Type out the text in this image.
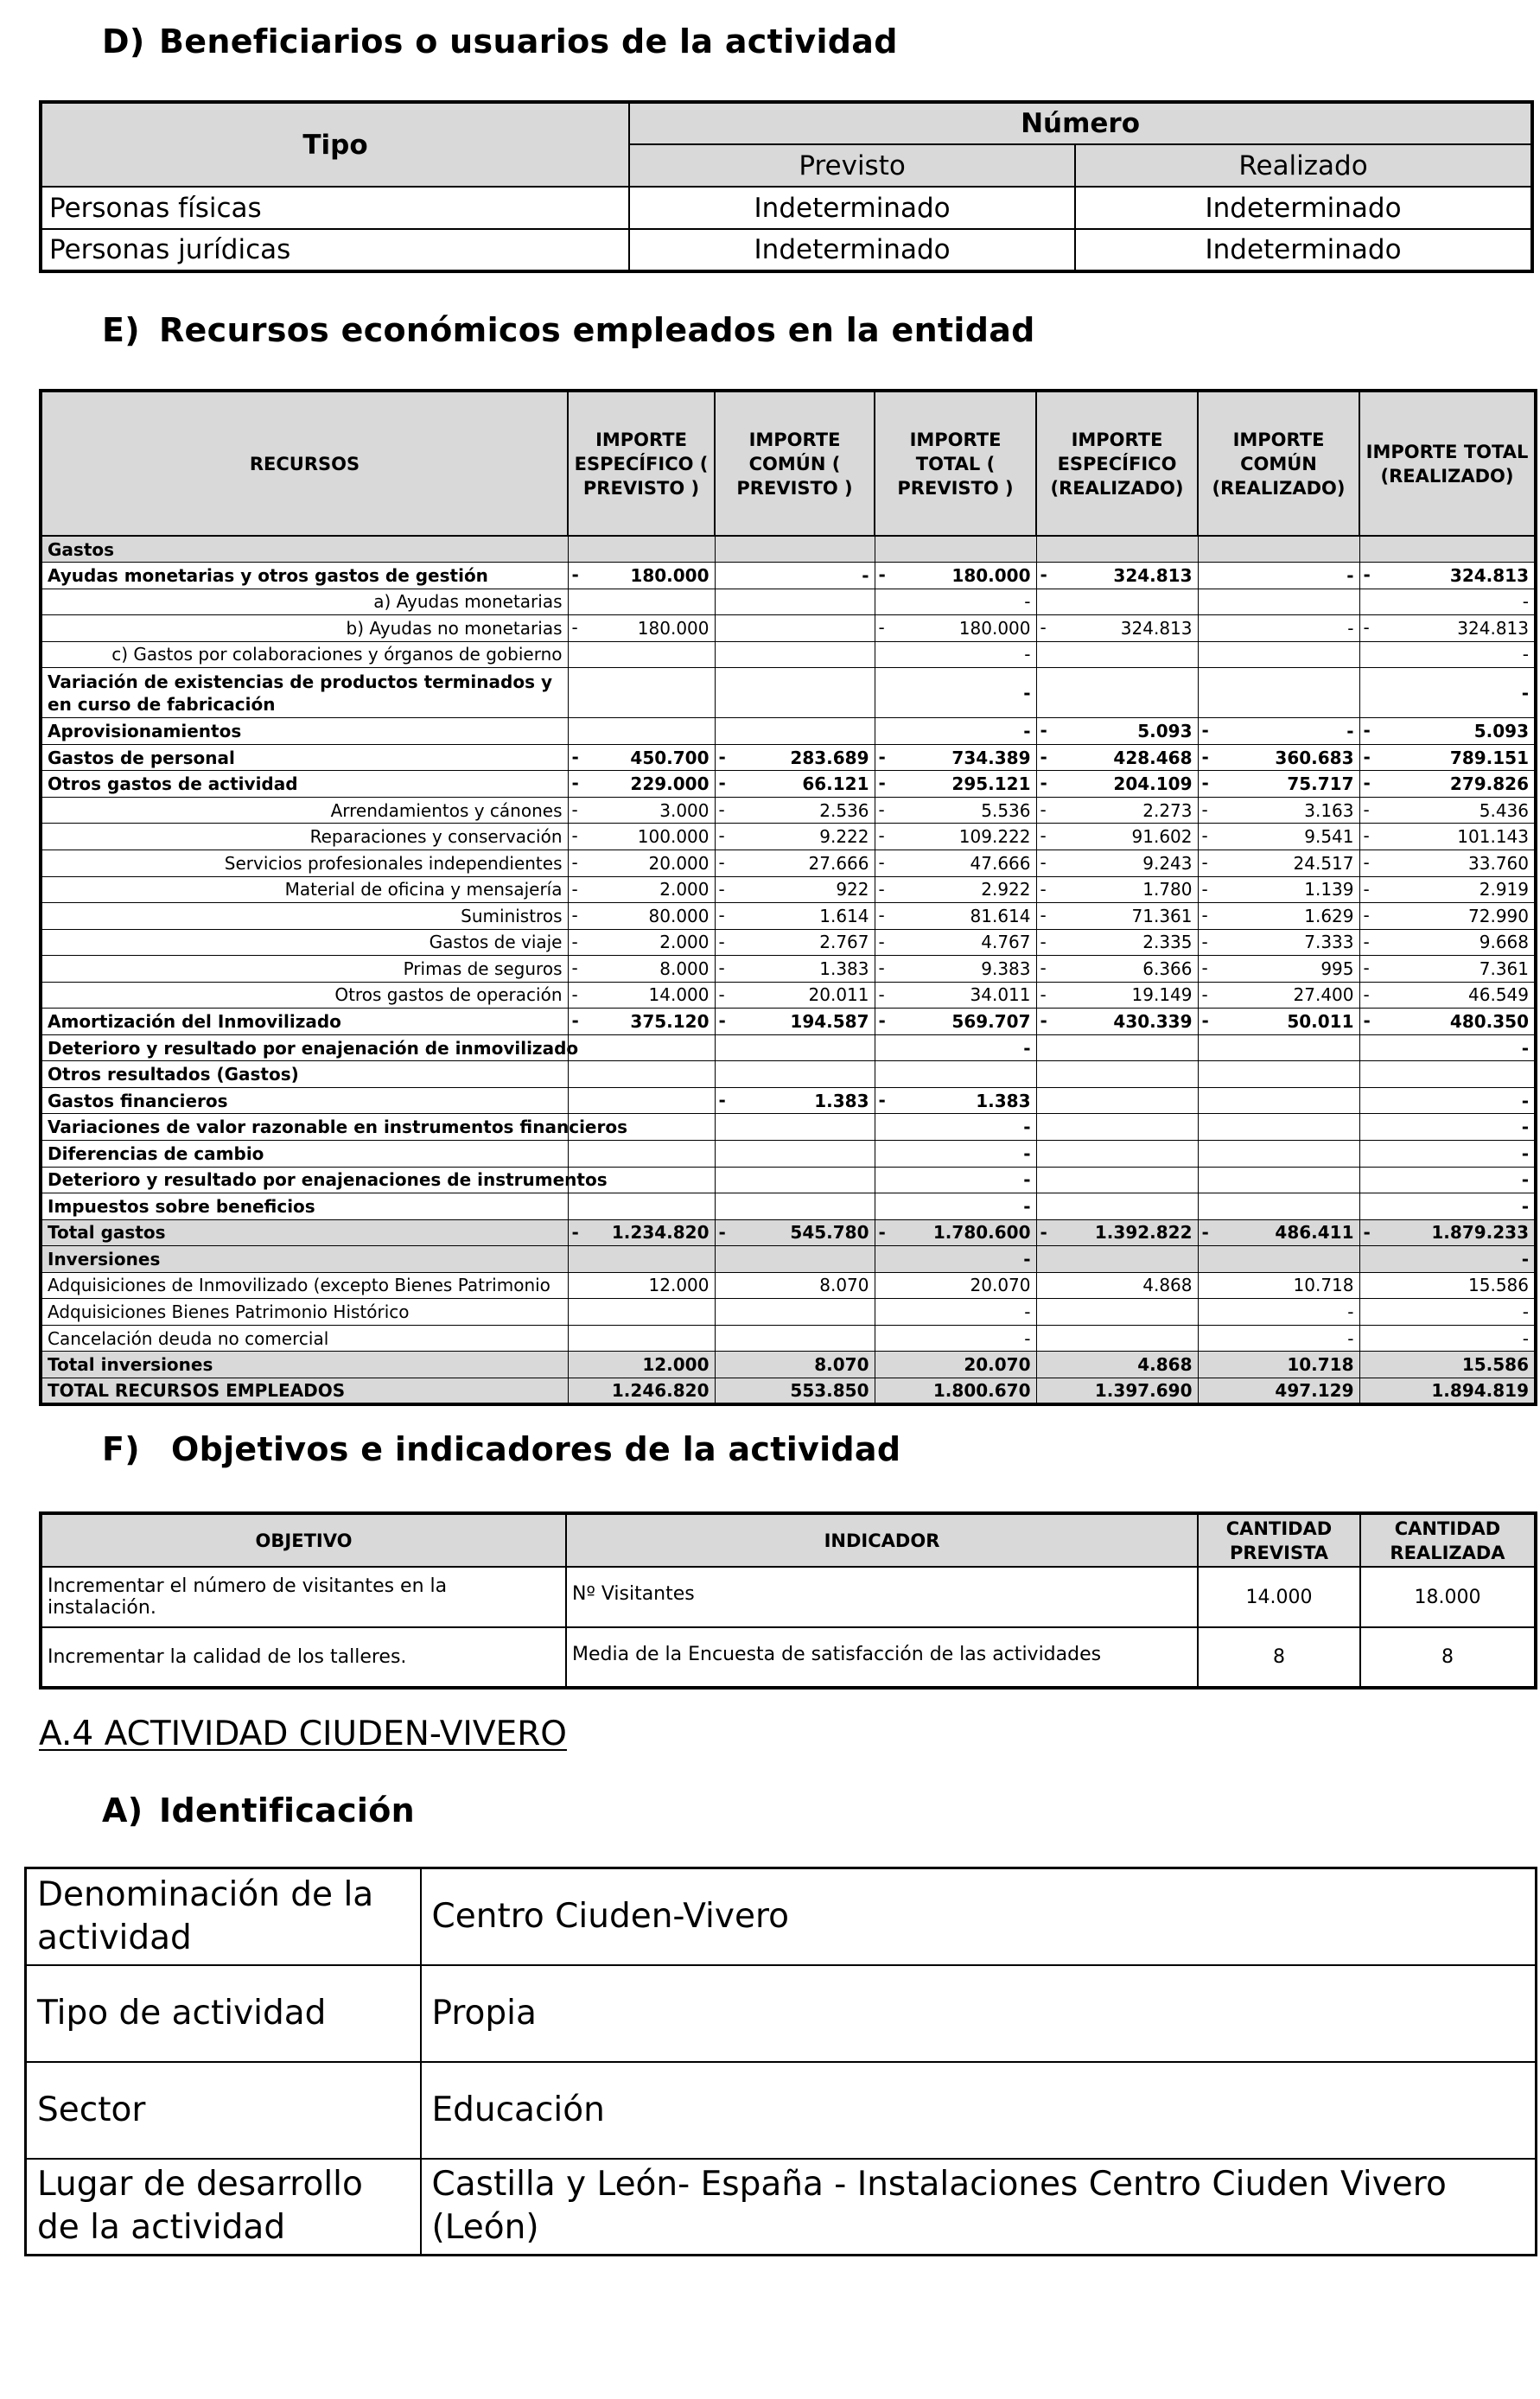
D) Beneficiarios o usuarios de la actividad
Tipo	Número	
	Previsto	Realizado
Personas físicas	Indeterminado	Indeterminado
Personas jurídicas	Indeterminado	Indeterminado
E) Recursos económicos empleados en la entidad
RECURSOS	IMPORTE ESPECÍFICO ( PREVISTO )	IMPORTE COMÚN ( PREVISTO )	IMPORTE TOTAL ( PREVISTO )	IMPORTE ESPECÍFICO (REALIZADO)	IMPORTE COMÚN (REALIZADO)	IMPORTE TOTAL (REALIZADO)
Gastos						
Ayudas monetarias y otros gastos de gestión	- 180.000	-	- 180.000	- 324.813	-	- 324.813
a) Ayudas monetarias			-			-
b) Ayudas no monetarias	- 180.000		- 180.000	- 324.813	-	- 324.813
c) Gastos por colaboraciones y órganos de gobierno			-			-
Variación de existencias de productos terminados y en curso de fabricación			-			-
Aprovisionamientos			-	- 5.093	- -	- 5.093
Gastos de personal	- 450.700	- 283.689	- 734.389	- 428.468	- 360.683	- 789.151
Otros gastos de actividad	- 229.000	- 66.121	- 295.121	- 204.109	- 75.717	- 279.826
Arrendamientos y cánones	- 3.000	- 2.536	- 5.536	- 2.273	- 3.163	- 5.436
Reparaciones y conservación	- 100.000	- 9.222	- 109.222	- 91.602	- 9.541	- 101.143
Servicios profesionales independientes	- 20.000	- 27.666	- 47.666	- 9.243	- 24.517	- 33.760
Material de oficina y mensajería	- 2.000	- 922	- 2.922	- 1.780	- 1.139	- 2.919
Suministros	- 80.000	- 1.614	- 81.614	- 71.361	- 1.629	- 72.990
Gastos de viaje	- 2.000	- 2.767	- 4.767	- 2.335	- 7.333	- 9.668
Primas de seguros	- 8.000	- 1.383	- 9.383	- 6.366	- 995	- 7.361
Otros gastos de operación	- 14.000	- 20.011	- 34.011	- 19.149	- 27.400	- 46.549
Amortización del Inmovilizado	- 375.120	- 194.587	- 569.707	- 430.339	- 50.011	- 480.350
Deterioro y resultado por enajenación de inmovilizado			-			-
Otros resultados (Gastos)						
Gastos financieros		- 1.383	- 1.383			-
Variaciones de valor razonable en instrumentos financieros			-			-
Diferencias de cambio			-			-
Deterioro y resultado por enajenaciones de instrumentos			-			-
Impuestos sobre beneficios			-			-
Total gastos	- 1.234.820	- 545.780	- 1.780.600	- 1.392.822	- 486.411	- 1.879.233
Inversiones			-			-
Adquisiciones de Inmovilizado (excepto Bienes Patrimonio	12.000	8.070	20.070	4.868	10.718	15.586
Adquisiciones Bienes Patrimonio Histórico			-		-	-
Cancelación deuda no comercial			-		-	-
Total inversiones	12.000	8.070	20.070	4.868	10.718	15.586
TOTAL RECURSOS EMPLEADOS	1.246.820	553.850	1.800.670	1.397.690	497.129	1.894.819
F) Objetivos e indicadores de la actividad
OBJETIVO	INDICADOR	CANTIDAD PREVISTA	CANTIDAD REALIZADA
Incrementar el número de visitantes en la instalación.	Nº Visitantes	14.000	18.000
Incrementar la calidad de los talleres.	Media de la Encuesta de satisfacción de las actividades	8	8
A.4 ACTIVIDAD CIUDEN-VIVERO
A) Identificación
Denominación de la actividad	Centro Ciuden-Vivero
Tipo de actividad	Propia
Sector	Educación
Lugar de desarrollo de la actividad	Castilla y León- España - Instalaciones Centro Ciuden Vivero (León)
